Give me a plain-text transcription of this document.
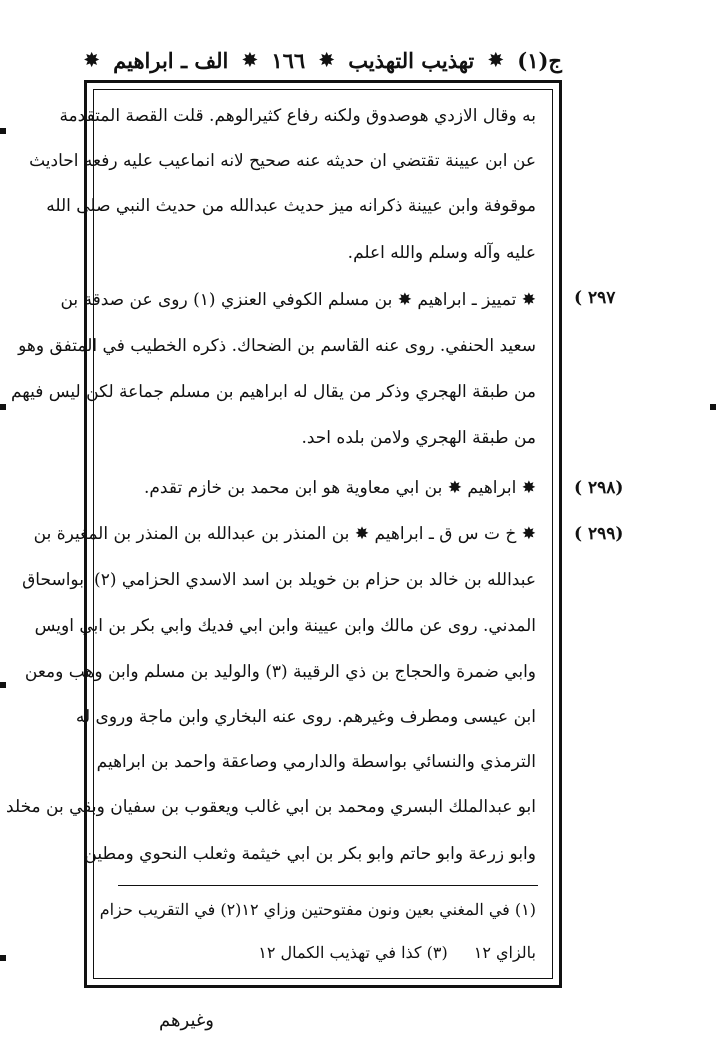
ج(١)
✸
تهذيب التهذيب
✸
١٦٦
✸
الف ـ ابراهيم
✸
به وقال الازدي هوصدوق ولكنه رفاع كثيرالوهم. قلت القصة المتقدمة
عن ابن عيينة تقتضي ان حديثه عنه صحيح لانه انماعيب عليه رفعه احاديث
موقوفة وابن عيينة ذكرانه ميز حديث عبدالله من حديث النبي صلى الله
عليه وآله وسلم والله اعلم.
✸ تمييز ـ ابراهيم ✸ بن مسلم الكوفي العنزي (١) روى عن صدقة بن
سعيد الحنفي. روى عنه القاسم بن الضحاك. ذكره الخطيب في المتفق وهو
من طبقة الهجري وذكر من يقال له ابراهيم بن مسلم جماعة لكن ليس فيهم
من طبقة الهجري ولامن بلده احد.
✸ ابراهيم ✸ بن ابي معاوية هو ابن محمد بن خازم تقدم.
✸ خ ت س ق ـ ابراهيم ✸ بن المنذر بن عبدالله بن المنذر بن المغيرة بن
عبدالله بن خالد بن حزام بن خويلد بن اسد الاسدي الحزامي (٢) ابواسحاق
المدني. روى عن مالك وابن عيينة وابن ابي فديك وابي بكر بن ابي اويس
وابي ضمرة والحجاج بن ذي الرقيبة (٣) والوليد بن مسلم وابن وهب ومعن
ابن عيسى ومطرف وغيرهم. روى عنه البخاري وابن ماجة وروى له
الترمذي والنسائي بواسطة والدارمي وصاعقة واحمد بن ابراهيم
ابو عبدالملك البسري ومحمد بن ابي غالب ويعقوب بن سفيان وبقي بن مخلد
وابو زرعة وابو حاتم وابو بكر بن ابي خيثمة وثعلب النحوي ومطين
( ٢٩٧
( ٢٩٨)
( ٢٩٩)
(١) في المغني بعين ونون مفتوحتين وزاي ١٢
(٢) في التقريب حزام
بالزاي ١٢
(٣) كذا في تهذيب الكمال ١٢
وغيرهم
